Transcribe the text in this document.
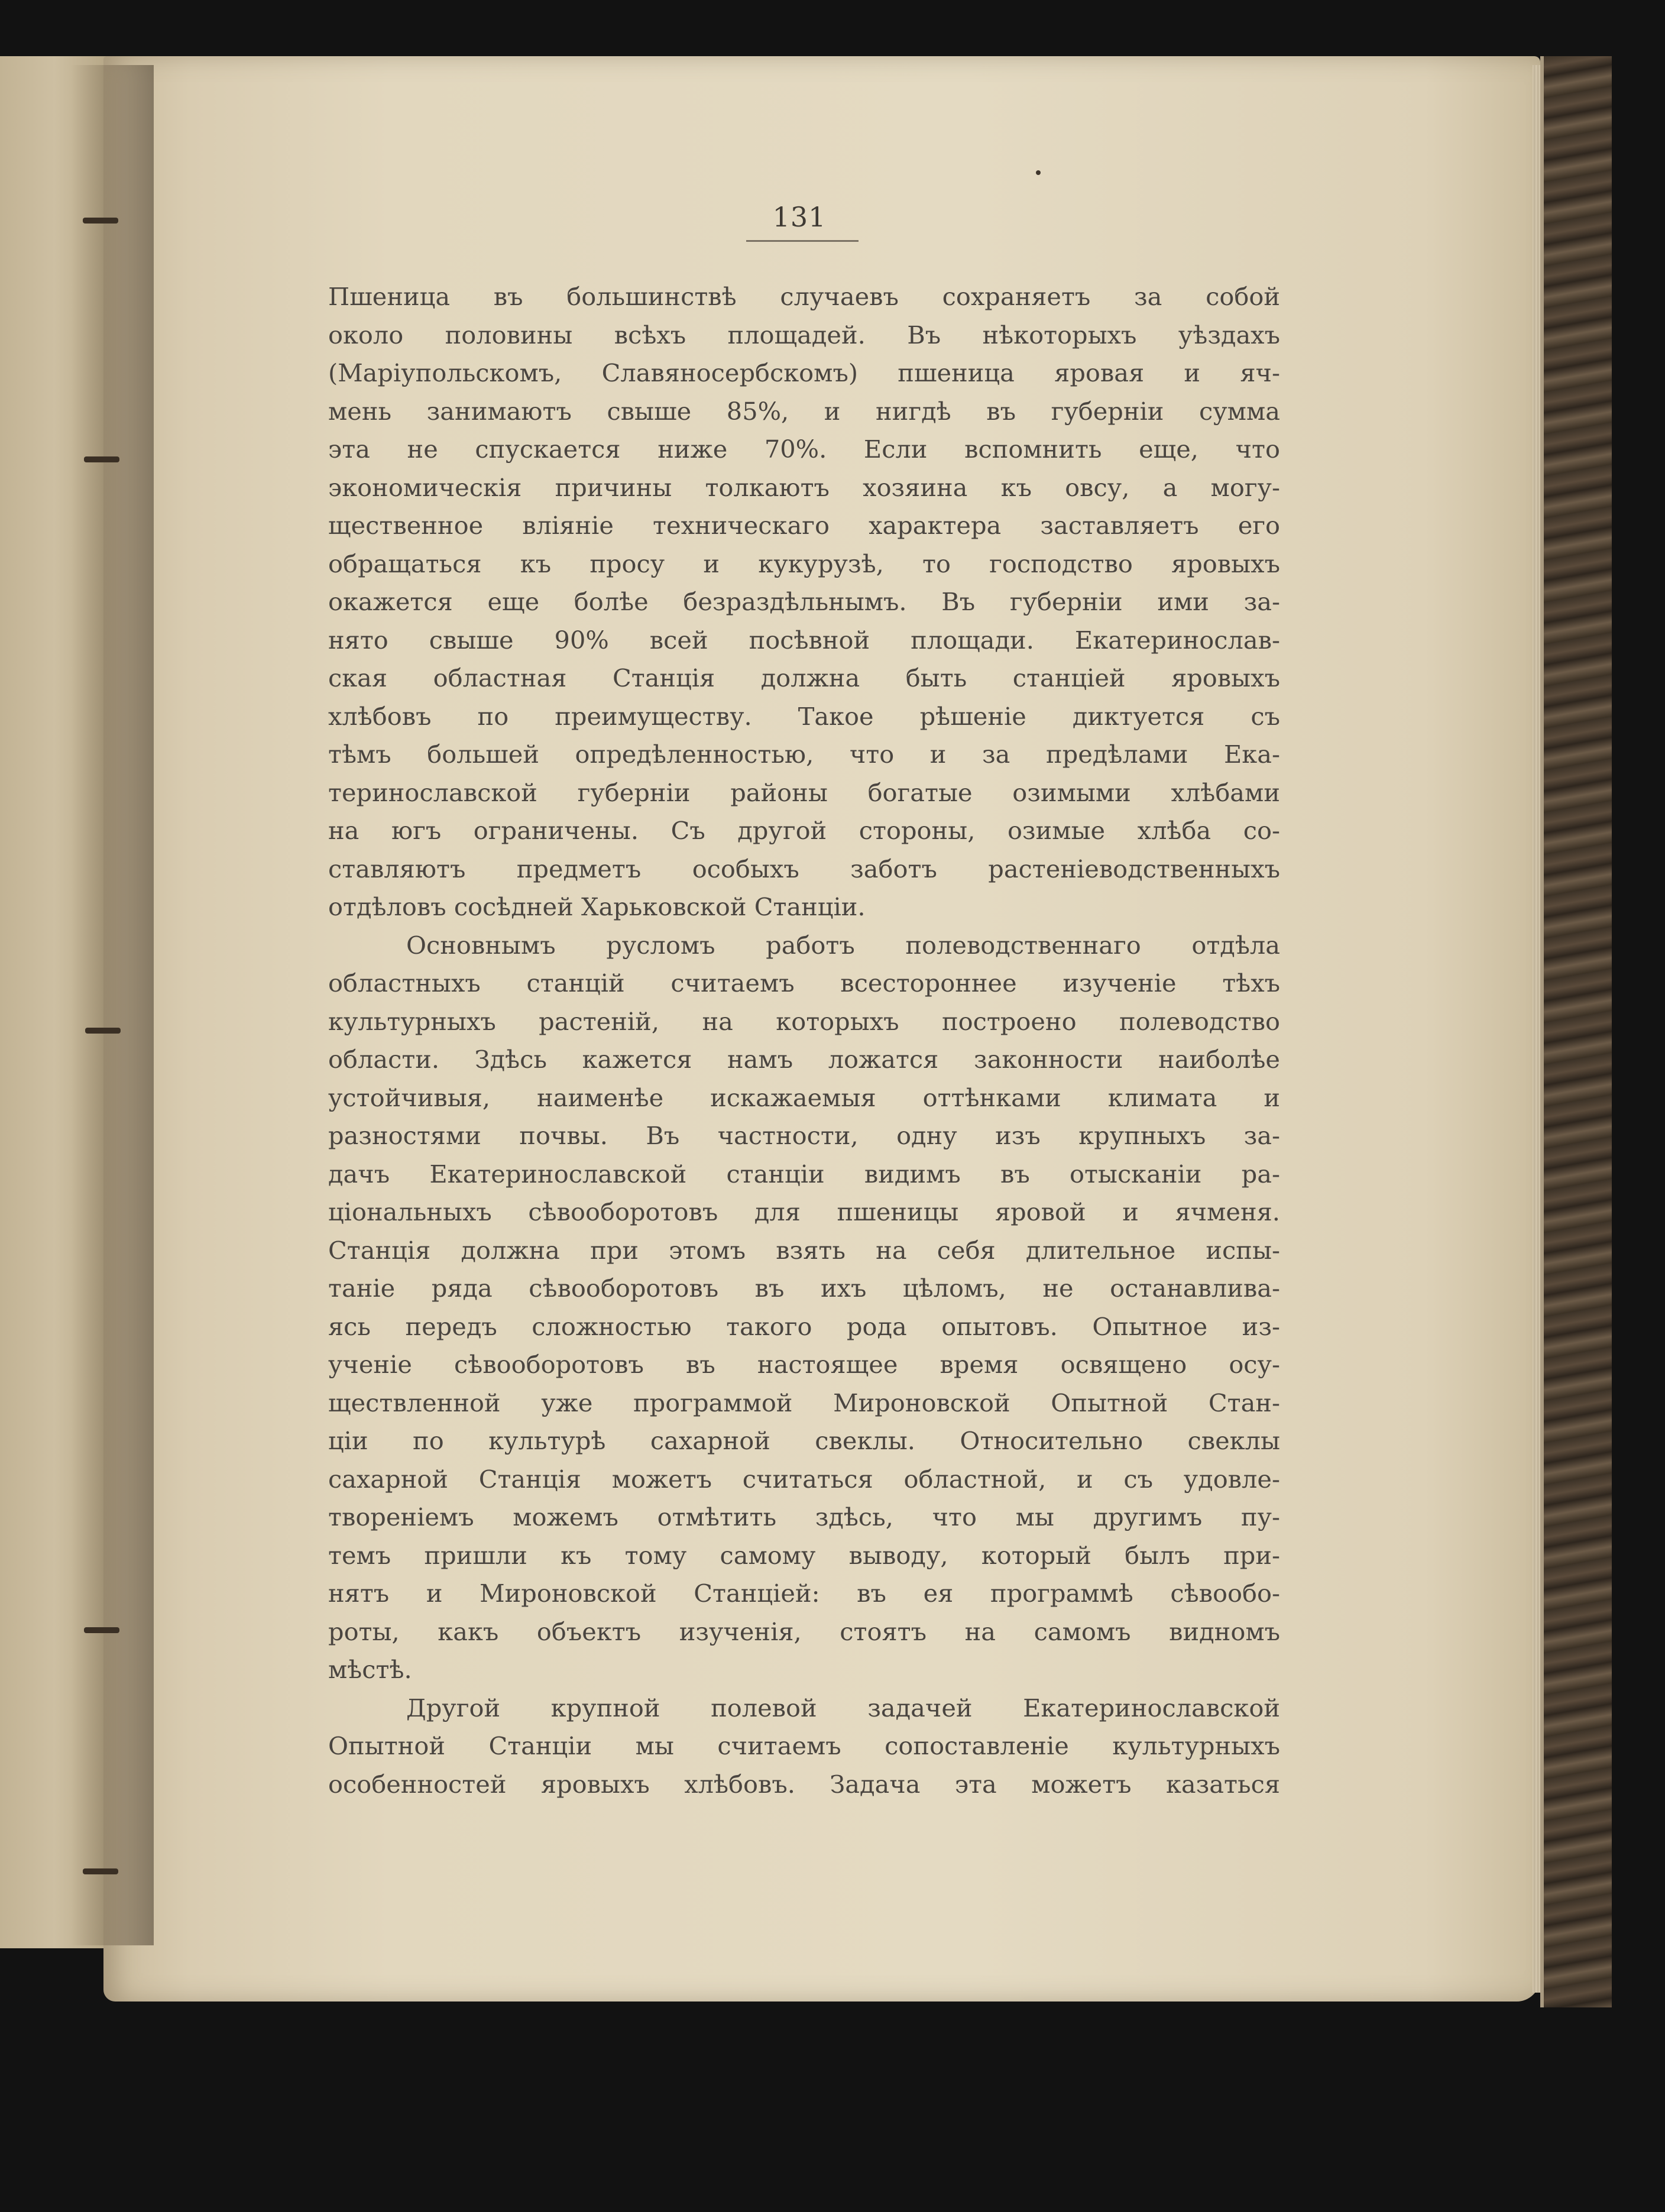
131
Пшеница въ большинствѣ случаевъ сохраняетъ за собой
около половины всѣхъ площадей. Въ нѣкоторыхъ уѣздахъ
(Маріупольскомъ, Славяносербскомъ) пшеница яровая и яч-
мень занимаютъ свыше 85%, и нигдѣ въ губерніи сумма
эта не спускается ниже 70%. Если вспомнить еще, что
экономическія причины толкаютъ хозяина къ овсу, а могу-
щественное вліяніе техническаго характера заставляетъ его
обращаться къ просу и кукурузѣ, то господство яровыхъ
окажется еще болѣе безраздѣльнымъ. Въ губерніи ими за-
нято свыше 90% всей посѣвной площади. Екатеринослав-
ская областная Станція должна быть станціей яровыхъ
хлѣбовъ по преимуществу. Такое рѣшеніе диктуется съ
тѣмъ большей опредѣленностью, что и за предѣлами Ека-
теринославской губерніи районы богатые озимыми хлѣбами
на югъ ограничены. Съ другой стороны, озимые хлѣба со-
ставляютъ предметъ особыхъ заботъ растеніеводственныхъ
отдѣловъ сосѣдней Харьковской Станціи.
Основнымъ русломъ работъ полеводственнаго отдѣла
областныхъ станцій считаемъ всестороннее изученіе тѣхъ
культурныхъ растеній, на которыхъ построено полеводство
области. Здѣсь кажется намъ ложатся законности наиболѣе
устойчивыя, наименѣе искажаемыя оттѣнками климата и
разностями почвы. Въ частности, одну изъ крупныхъ за-
дачъ Екатеринославской станціи видимъ въ отысканіи ра-
ціональныхъ сѣвооборотовъ для пшеницы яровой и ячменя.
Станція должна при этомъ взять на себя длительное испы-
таніе ряда сѣвооборотовъ въ ихъ цѣломъ, не останавлива-
ясь передъ сложностью такого рода опытовъ. Опытное из-
ученіе сѣвооборотовъ въ настоящее время освящено осу-
ществленной уже программой Мироновской Опытной Стан-
ціи по культурѣ сахарной свеклы. Относительно свеклы
сахарной Станція можетъ считаться областной, и съ удовле-
твореніемъ можемъ отмѣтить здѣсь, что мы другимъ пу-
темъ пришли къ тому самому выводу, который былъ при-
нятъ и Мироновской Станціей: въ ея программѣ сѣвообо-
роты, какъ объектъ изученія, стоятъ на самомъ видномъ
мѣстѣ.
Другой крупной полевой задачей Екатеринославской
Опытной Станціи мы считаемъ сопоставленіе культурныхъ
особенностей яровыхъ хлѣбовъ. Задача эта можетъ казаться
